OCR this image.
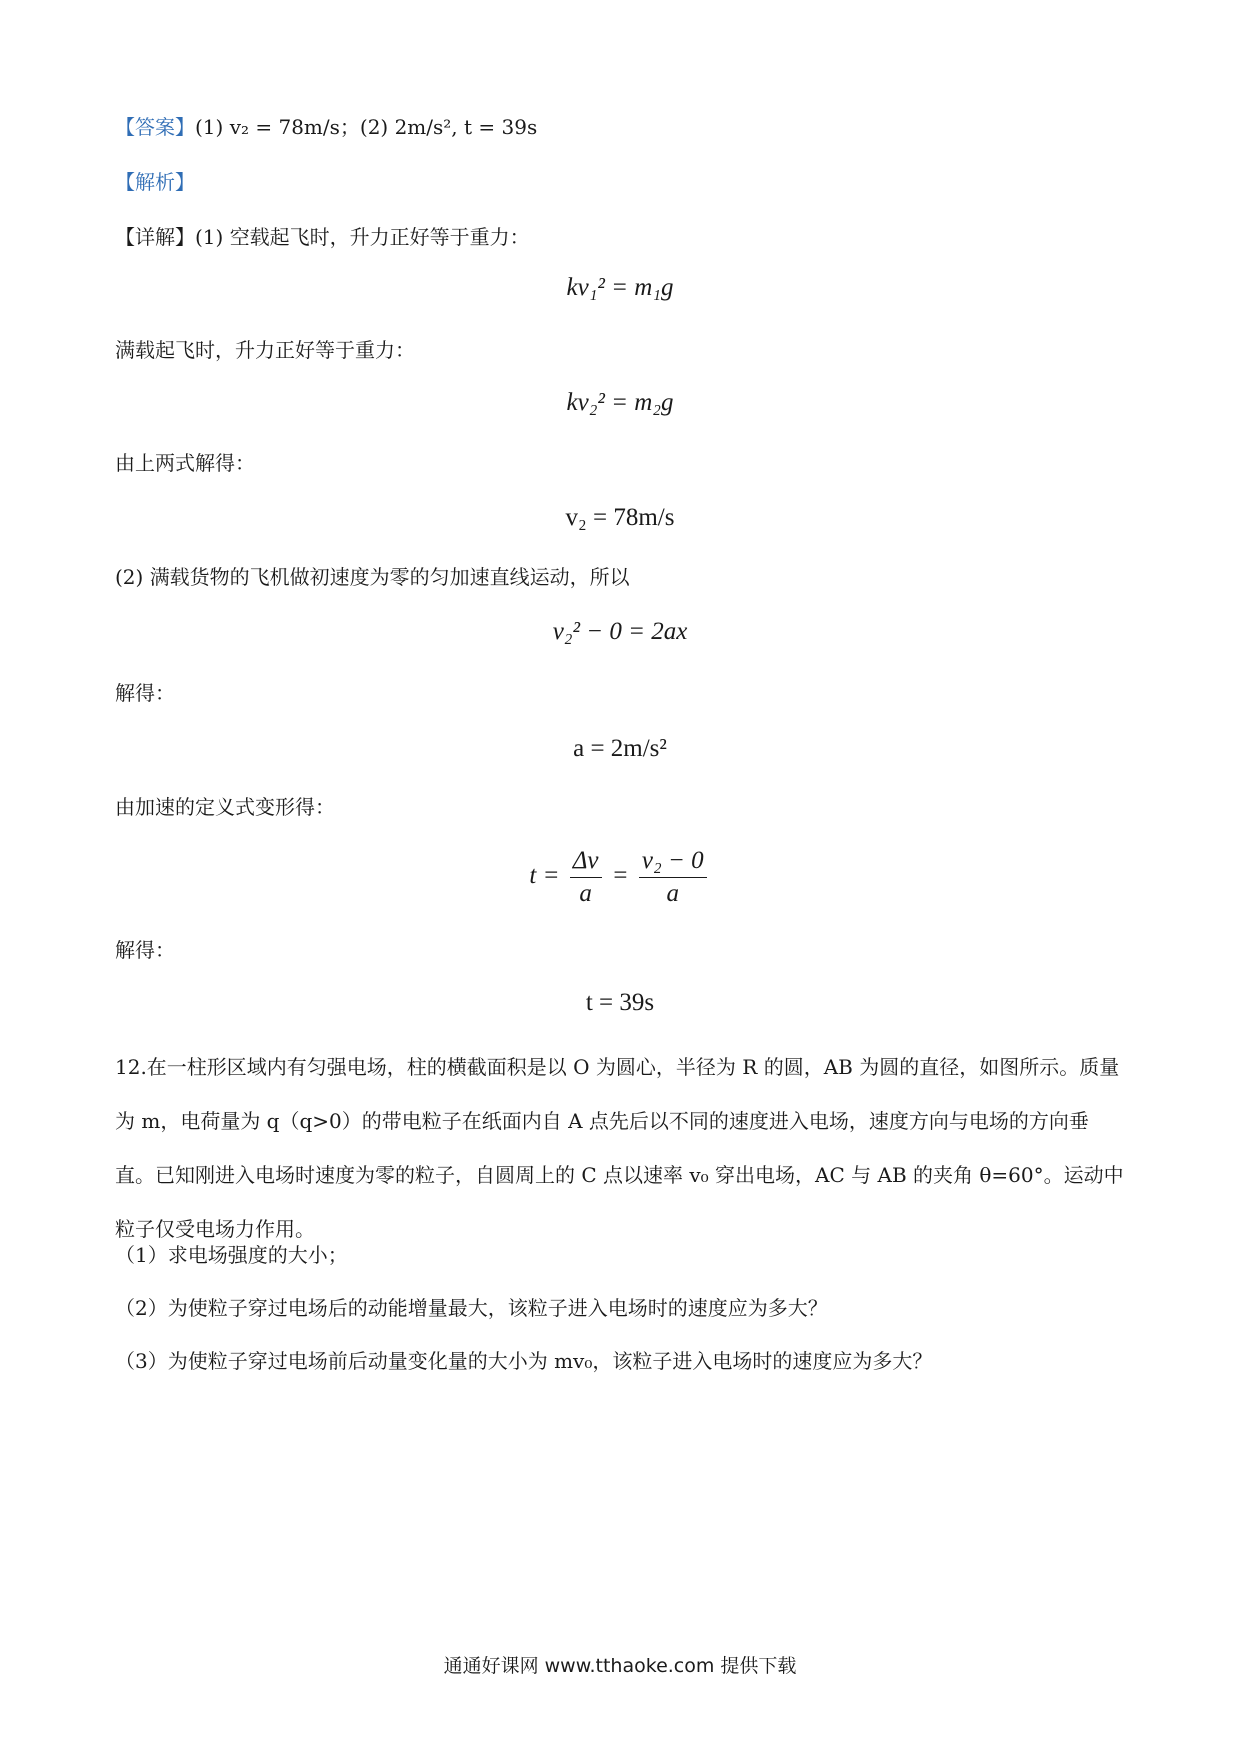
【答案】(1) v₂ = 78m/s；(2) 2m/s², t = 39s
【解析】
【详解】(1) 空载起飞时，升力正好等于重力：
kv₁² = m₁g
满载起飞时，升力正好等于重力：
kv₂² = m₂g
由上两式解得：
v₂ = 78m/s
(2) 满载货物的飞机做初速度为零的匀加速直线运动，所以
v₂² − 0 = 2ax
解得：
a = 2m/s²
由加速的定义式变形得：
$t = \frac{\Delta v}{a} = \frac{\text{v₂ − 0}}{a}$
解得：
t = 39s
12.在一柱形区域内有匀强电场，柱的横截面积是以 O 为圆心，半径为 R 的圆，AB 为圆的直径，如图所示。质量为 m，电荷量为 q（q>0）的带电粒子在纸面内自 A 点先后以不同的速度进入电场，速度方向与电场的方向垂直。已知刚进入电场时速度为零的粒子，自圆周上的 C 点以速率 v₀ 穿出电场，AC 与 AB 的夹角 θ=60°。运动中粒子仅受电场力作用。
（1）求电场强度的大小；
（2）为使粒子穿过电场后的动能增量最大，该粒子进入电场时的速度应为多大？
（3）为使粒子穿过电场前后动量变化量的大小为 mv₀，该粒子进入电场时的速度应为多大？
通通好课网 www.tthaoke.com 提供下载
